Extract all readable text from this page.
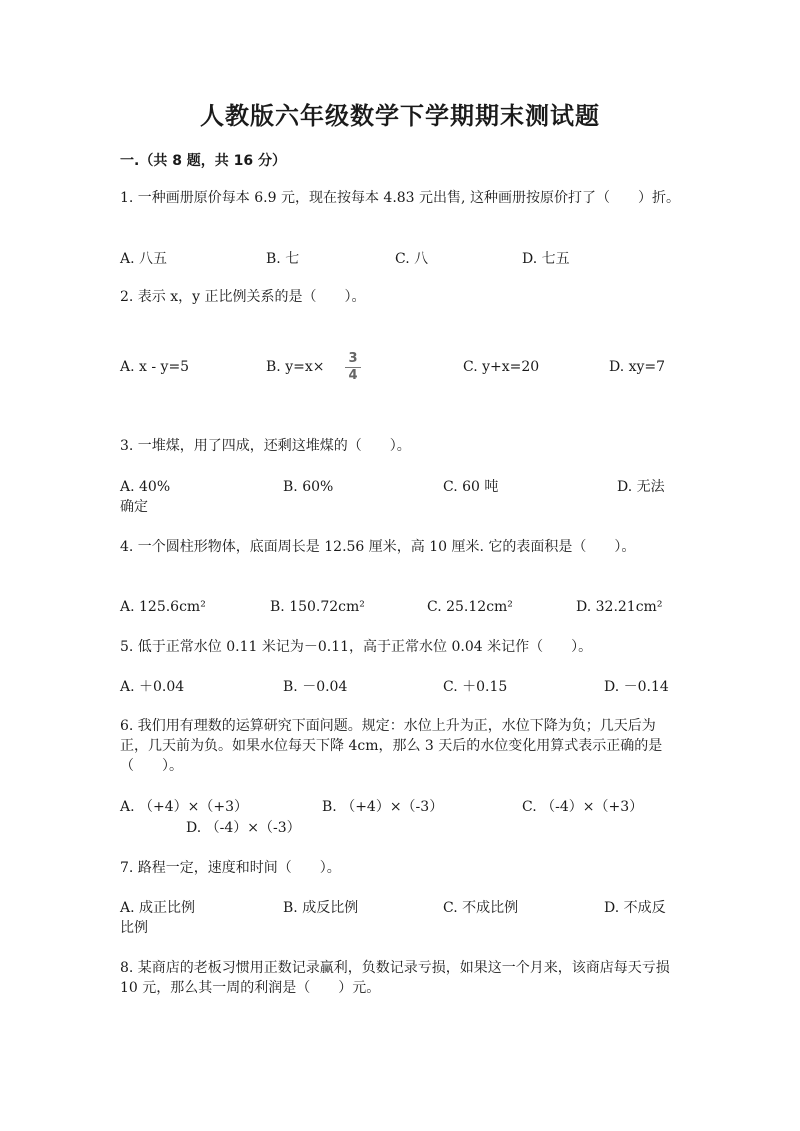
人教版六年级数学下学期期末测试题
一.（共 8 题，共 16 分）
1. 一种画册原价每本 6.9 元，现在按每本 4.83 元出售, 这种画册按原价打了（　　）折。
A. 八五	B. 七	C. 八	D. 七五
2. 表示 x，y 正比例关系的是（　　）。
A. x - y=5	B. y=x×
3
4
C. y+x=20	D. xy=7
3. 一堆煤，用了四成，还剩这堆煤的（　　）。
A. 40%	B. 60%	C. 60 吨	D. 无法
确定
4. 一个圆柱形物体，底面周长是 12.56 厘米，高 10 厘米. 它的表面积是（　　）。
A. 125.6cm²	B. 150.72cm²	C. 25.12cm²	D. 32.21cm²
5. 低于正常水位 0.11 米记为－0.11，高于正常水位 0.04 米记作（　　）。
A. ＋0.04	B. －0.04	C. ＋0.15	D. －0.14
6. 我们用有理数的运算研究下面问题。规定：水位上升为正，水位下降为负；几天后为正，几天前为负。如果水位每天下降 4cm，那么 3 天后的水位变化用算式表示正确的是（　　）。
A. （+4）×（+3）	B. （+4）×（-3）	C. （-4）×（+3）
D. （-4）×（-3）
7. 路程一定，速度和时间（　　）。
A. 成正比例	B. 成反比例	C. 不成比例	D. 不成反
比例
8. 某商店的老板习惯用正数记录赢利，负数记录亏损，如果这一个月来，该商店每天亏损 10 元，那么其一周的利润是（　　）元。
